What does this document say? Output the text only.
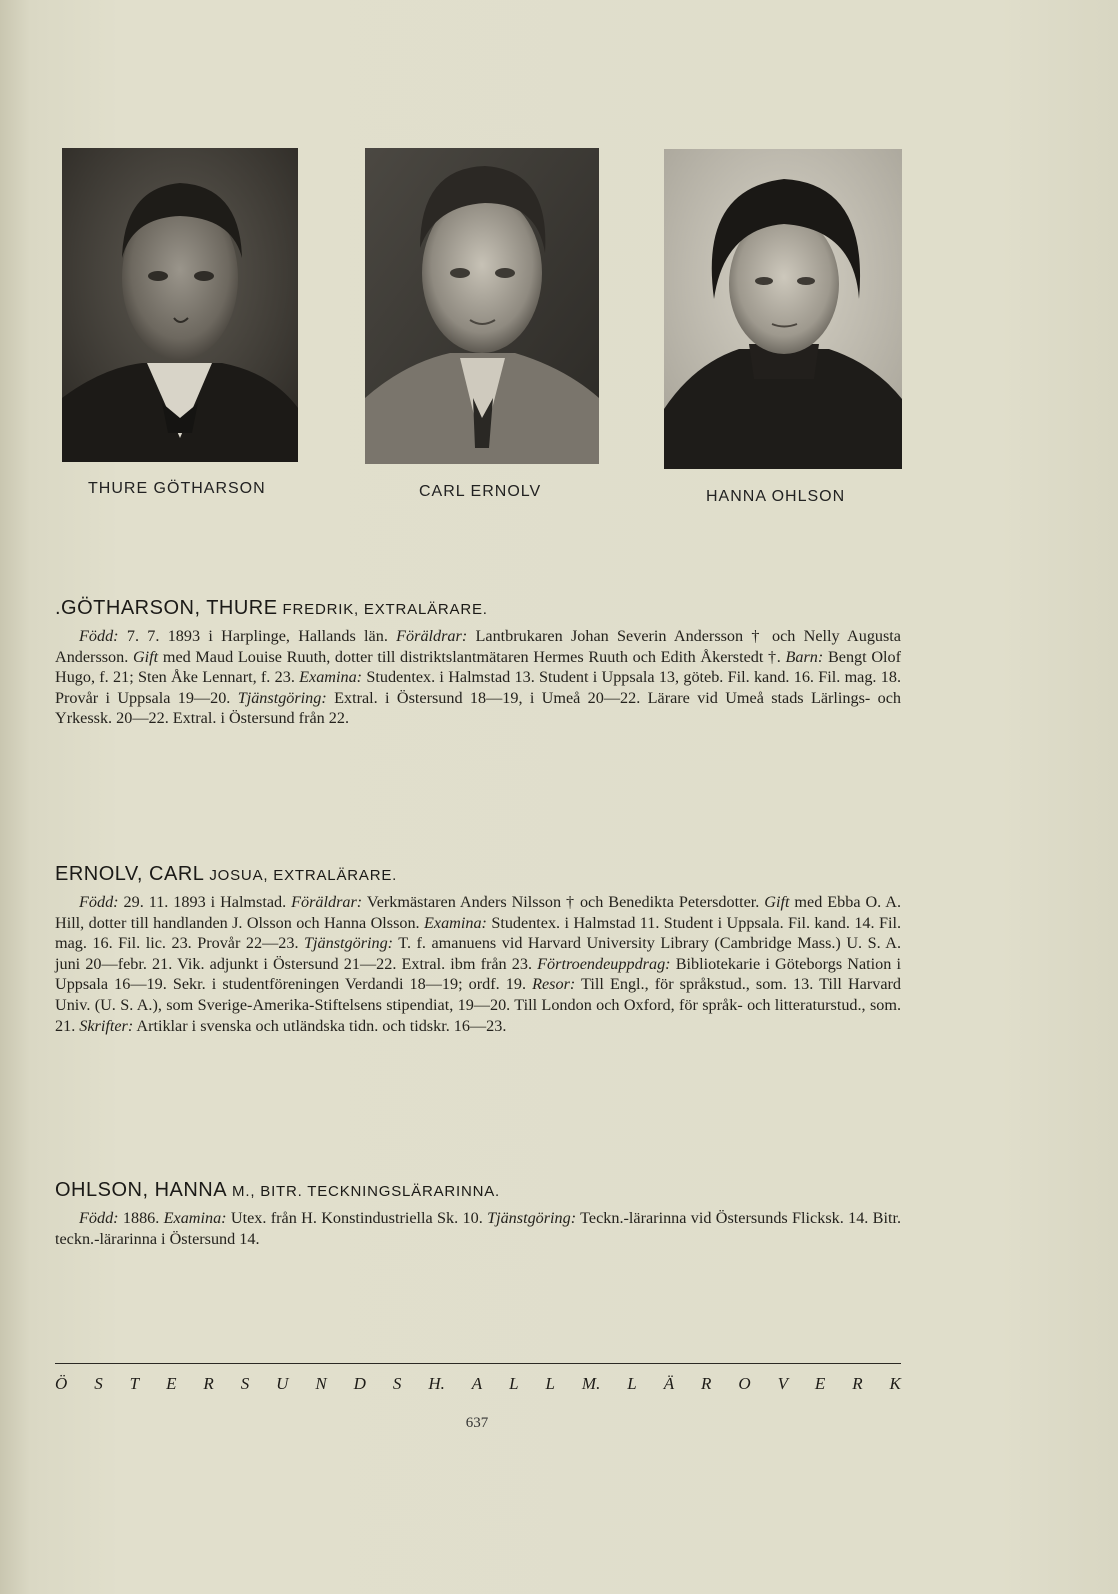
THURE GÖTHARSON	CARL ERNOLV	HANNA OHLSON
.GÖTHARSON, THURE FREDRIK, EXTRALÄRARE.
Född: 7. 7. 1893 i Harplinge, Hallands län. Föräldrar: Lantbrukaren Johan Severin Andersson † och Nelly Augusta Andersson. Gift med Maud Louise Ruuth, dotter till distriktslantmätaren Hermes Ruuth och Edith Åkerstedt †. Barn: Bengt Olof Hugo, f. 21; Sten Åke Lennart, f. 23. Examina: Studentex. i Halmstad 13. Student i Uppsala 13, göteb. Fil. kand. 16. Fil. mag. 18. Provår i Uppsala 19—20. Tjänstgöring: Extral. i Östersund 18—19, i Umeå 20—22. Lärare vid Umeå stads Lärlings- och Yrkessk. 20—22. Extral. i Östersund från 22.
ERNOLV, CARL JOSUA, EXTRALÄRARE.
Född: 29. 11. 1893 i Halmstad. Föräldrar: Verkmästaren Anders Nilsson † och Benedikta Petersdotter. Gift med Ebba O. A. Hill, dotter till handlanden J. Olsson och Hanna Olsson. Examina: Studentex. i Halmstad 11. Student i Uppsala. Fil. kand. 14. Fil. mag. 16. Fil. lic. 23. Provår 22—23. Tjänstgöring: T. f. amanuens vid Harvard University Library (Cambridge Mass.) U. S. A. juni 20—febr. 21. Vik. adjunkt i Östersund 21—22. Extral. ibm från 23. Förtroendeuppdrag: Bibliotekarie i Göteborgs Nation i Uppsala 16—19. Sekr. i studentföreningen Verdandi 18—19; ordf. 19. Resor: Till Engl., för språkstud., som. 13. Till Harvard Univ. (U. S. A.), som Sverige-Amerika-Stiftelsens stipendiat, 19—20. Till London och Oxford, för språk- och litteraturstud., som. 21. Skrifter: Artiklar i svenska och utländska tidn. och tidskr. 16—23.
OHLSON, HANNA M., BITR. TECKNINGSLÄRARINNA.
Född: 1886. Examina: Utex. från H. Konstindustriella Sk. 10. Tjänstgöring: Teckn.-lärarinna vid Östersunds Flicksk. 14. Bitr. teckn.-lärarinna i Östersund 14.
Ö S T E R S U N D S H. A L L M. L Ä R O V E R K
637
